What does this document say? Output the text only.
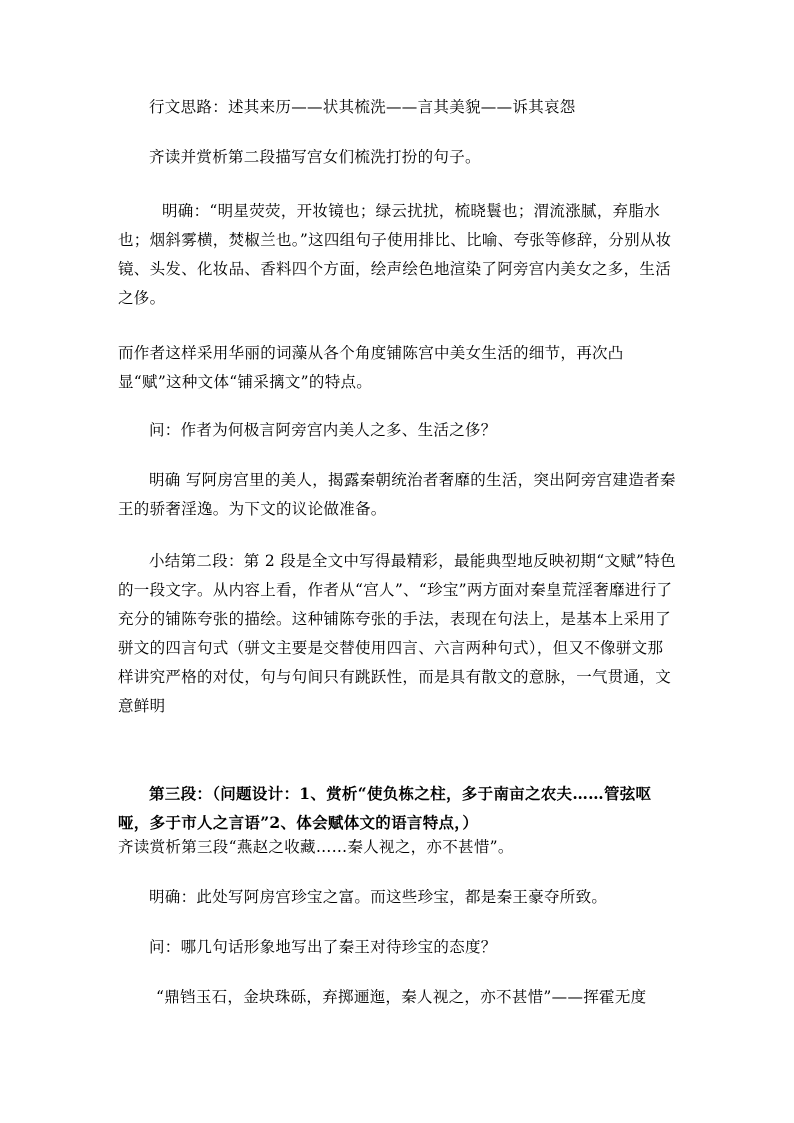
行文思路：述其来历——状其梳洗——言其美貌——诉其哀怨

齐读并赏析第二段描写宫女们梳洗打扮的句子。

明确：“明星荧荧，开妆镜也；绿云扰扰，梳晓鬟也；渭流涨腻，弃脂水也；烟斜雾横，焚椒兰也。”这四组句子使用排比、比喻、夸张等修辞，分别从妆镜、头发、化妆品、香料四个方面，绘声绘色地渲染了阿旁宫内美女之多，生活之侈。

而作者这样采用华丽的词藻从各个角度铺陈宫中美女生活的细节，再次凸显“赋”这种文体“铺采摛文”的特点。

问：作者为何极言阿旁宫内美人之多、生活之侈？

明确 写阿房宫里的美人，揭露秦朝统治者奢靡的生活，突出阿旁宫建造者秦王的骄奢淫逸。为下文的议论做准备。

小结第二段：第 2 段是全文中写得最精彩，最能典型地反映初期“文赋”特色的一段文字。从内容上看，作者从“宫人”、“珍宝”两方面对秦皇荒淫奢靡进行了充分的铺陈夸张的描绘。这种铺陈夸张的手法，表现在句法上，是基本上采用了骈文的四言句式（骈文主要是交替使用四言、六言两种句式），但又不像骈文那样讲究严格的对仗，句与句间只有跳跃性，而是具有散文的意脉，一气贯通，文意鲜明

第三段：（问题设计：1、赏析“使负栋之柱，多于南亩之农夫……管弦呕哑，多于市人之言语”2、体会赋体文的语言特点，）

齐读赏析第三段“燕赵之收藏……秦人视之，亦不甚惜”。

明确：此处写阿房宫珍宝之富。而这些珍宝，都是秦王豪夺所致。

问：哪几句话形象地写出了秦王对待珍宝的态度？

“鼎铛玉石，金块珠砾，弃掷逦迤，秦人视之，亦不甚惜”——挥霍无度
